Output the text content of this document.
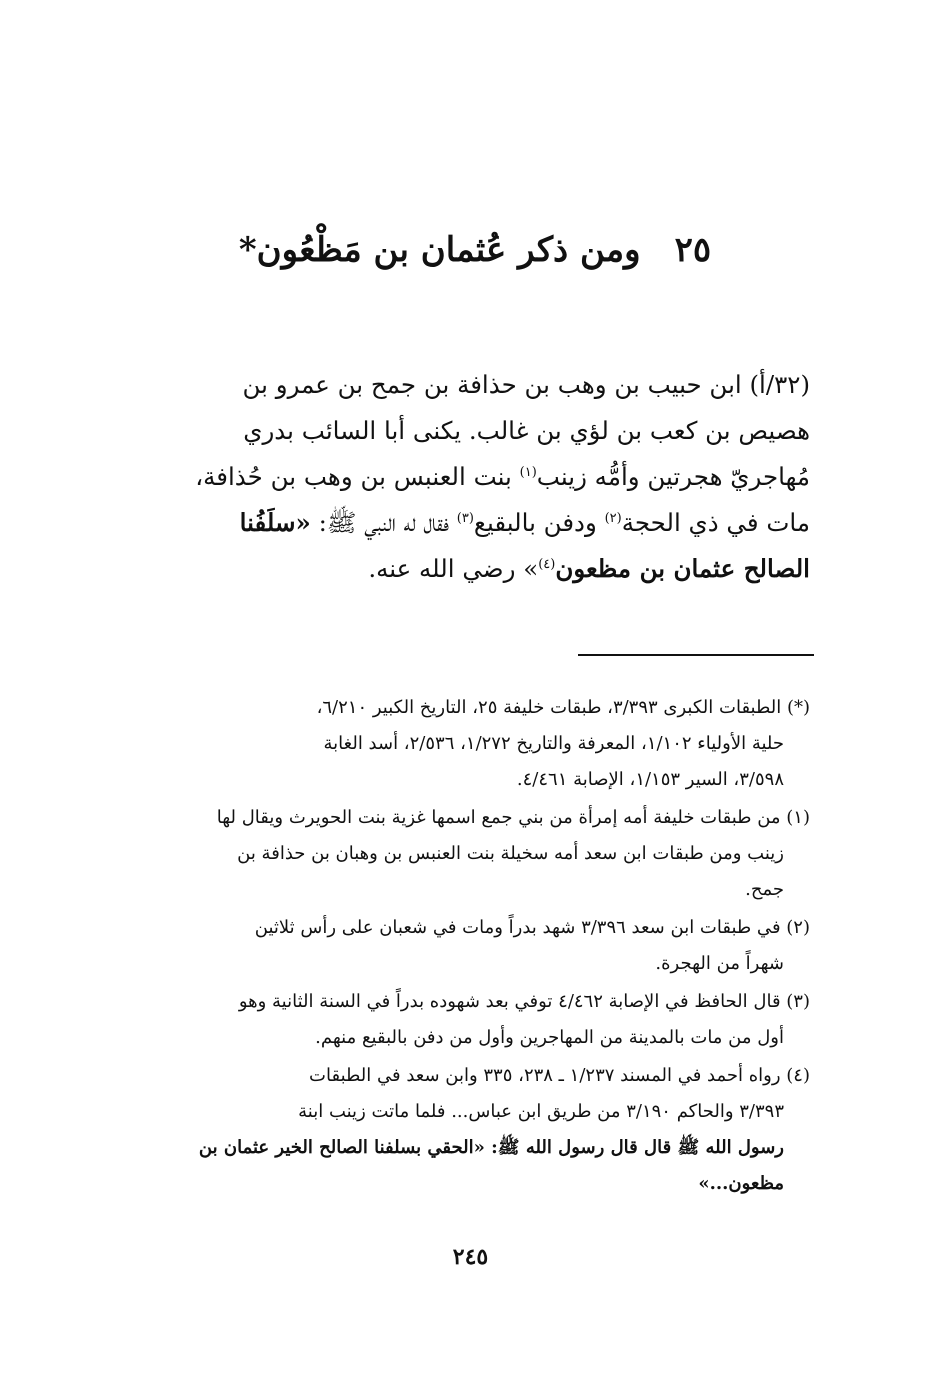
٢٥ومن ذكر عُثمان بن مَظْعُون*
(٣٢/أ) ابن حبيب بن وهب بن حذافة بن جمح بن عمرو بن
هصيص بن كعب بن لؤي بن غالب. يكنى أبا السائب بدري
مُهاجريّ هجرتين وأمُّه زينب$^{(١)}$ بنت العنبس بن وهب بن حُذافة،
مات في ذي الحجة$^{(٢)}$ ودفن بالبقيع$^{(٣)}$ فقال له النبي ﷺ: «سلَفُنا
الصالح عثمان بن مظعون$^{(٤)}$» رضي الله عنه.
(*) الطبقات الكبرى ٣/٣٩٣، طبقات خليفة ٢٥، التاريخ الكبير ٦/٢١٠،
حلية الأولياء ١/١٠٢، المعرفة والتاريخ ١/٢٧٢، ٢/٥٣٦، أسد الغابة
٣/٥٩٨، السير ١/١٥٣، الإصابة ٤/٤٦١.
(١) من طبقات خليفة أمه إمرأة من بني جمع اسمها غزية بنت الحويرث ويقال لها
زينب ومن طبقات ابن سعد أمه سخيلة بنت العنبس بن وهبان بن حذافة بن
جمح.
(٢) في طبقات ابن سعد ٣/٣٩٦ شهد بدراً ومات في شعبان على رأس ثلاثين
شهراً من الهجرة.
(٣) قال الحافظ في الإصابة ٤/٤٦٢ توفي بعد شهوده بدراً في السنة الثانية وهو
أول من مات بالمدينة من المهاجرين وأول من دفن بالبقيع منهم.
(٤) رواه أحمد في المسند ١/٢٣٧ ـ ٢٣٨، ٣٣٥ وابن سعد في الطبقات
٣/٣٩٣ والحاكم ٣/١٩٠ من طريق ابن عباس... فلما ماتت زينب ابنة
رسول الله ﷺ قال قال رسول الله ﷺ: «الحقي بسلفنا الصالح الخير عثمان بن
مظعون...»
٢٤٥
